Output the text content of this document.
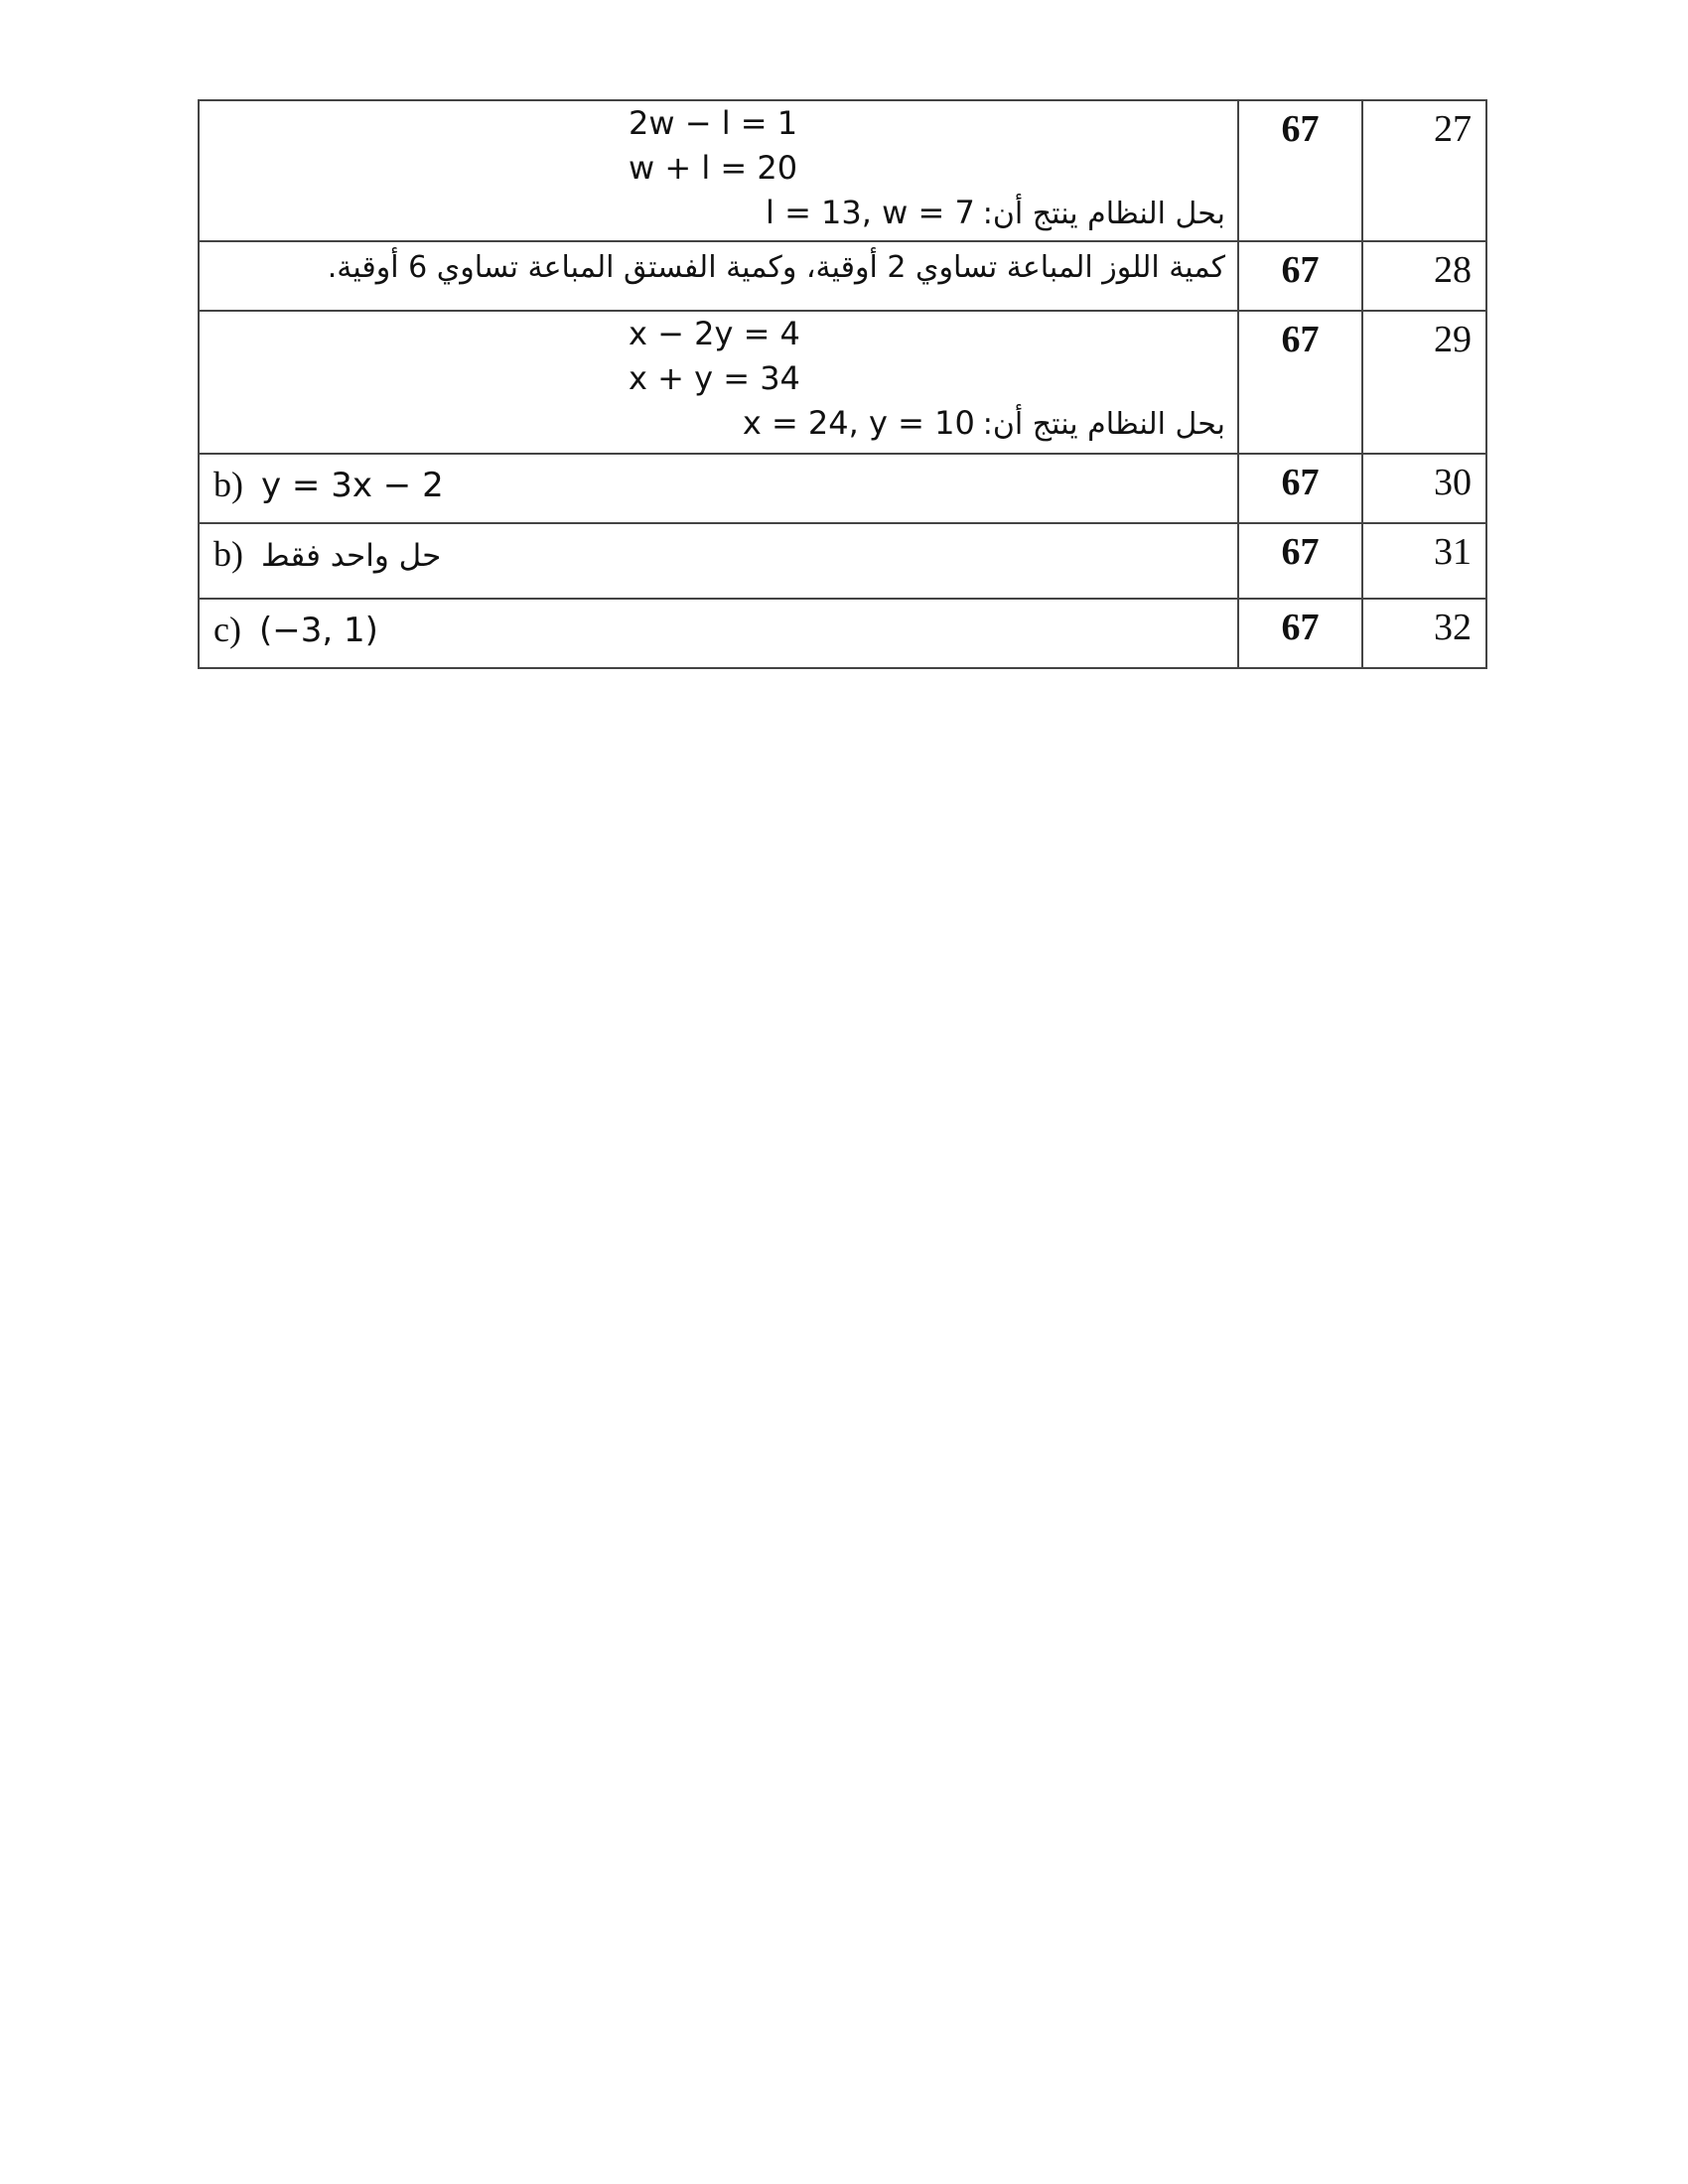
2w − l = 1
w + l = 20
l = 13, w = 7 بحل النظام ينتج أن:	67	27

كمية اللوز المباعة تساوي 2 أوقية، وكمية الفستق المباعة تساوي 6 أوقية.	67	28

x − 2y = 4
x + y = 34
x = 24, y = 10 بحل النظام ينتج أن:	67	29
b) y = 3x − 2	67	30
b) حل واحد فقط	67	31
c) (−3, 1)	67	32
